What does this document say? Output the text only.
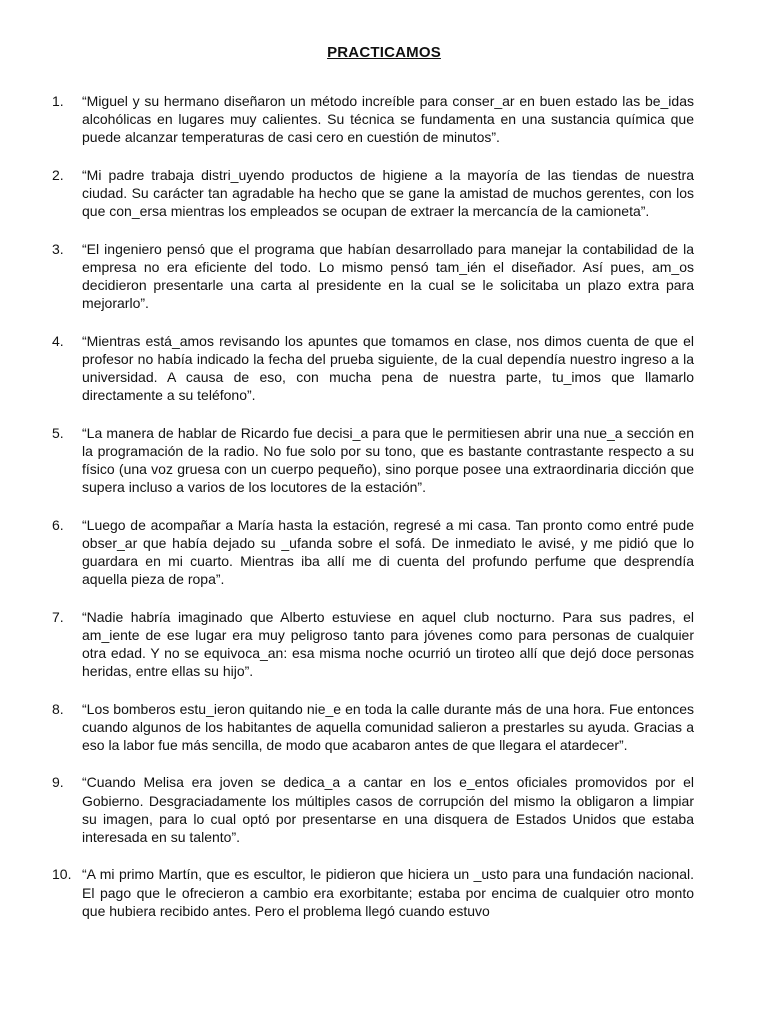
PRACTICAMOS
1.	“Miguel y su hermano diseñaron un método increíble para conser_ar en buen estado las be_idas alcohólicas en lugares muy calientes. Su técnica se fundamenta en una sustancia química que puede alcanzar temperaturas de casi cero en cuestión de minutos”.
2.	“Mi padre trabaja distri_uyendo productos de higiene a la mayoría de las tiendas de nuestra ciudad. Su carácter tan agradable ha hecho que se gane la amistad de muchos gerentes, con los que con_ersa mientras los empleados se ocupan de extraer la mercancía de la camioneta”.
3.	“El ingeniero pensó que el programa que habían desarrollado para manejar la contabilidad de la empresa no era eficiente del todo. Lo mismo pensó tam_ién el diseñador. Así pues, am_os decidieron presentarle una carta al presidente en la cual se le solicitaba un plazo extra para mejorarlo”.
4.	“Mientras está_amos revisando los apuntes que tomamos en clase, nos dimos cuenta de que el profesor no había indicado la fecha del prueba siguiente, de la cual dependía nuestro ingreso a la universidad. A causa de eso, con mucha pena de nuestra parte, tu_imos que llamarlo directamente a su teléfono”.
5.	“La manera de hablar de Ricardo fue decisi_a para que le permitiesen abrir una nue_a sección en la programación de la radio. No fue solo por su tono, que es bastante contrastante respecto a su físico (una voz gruesa con un cuerpo pequeño), sino porque posee una extraordinaria dicción que supera incluso a varios de los locutores de la estación”.
6.	“Luego de acompañar a María hasta la estación, regresé a mi casa. Tan pronto como entré pude obser_ar que había dejado su _ufanda sobre el sofá. De inmediato le avisé, y me pidió que lo guardara en mi cuarto. Mientras iba allí me di cuenta del profundo perfume que desprendía aquella pieza de ropa”.
7.	“Nadie habría imaginado que Alberto estuviese en aquel club nocturno. Para sus padres, el am_iente de ese lugar era muy peligroso tanto para jóvenes como para personas de cualquier otra edad. Y no se equivoca_an: esa misma noche ocurrió un tiroteo allí que dejó doce personas heridas, entre ellas su hijo”.
8.	“Los bomberos estu_ieron quitando nie_e en toda la calle durante más de una hora. Fue entonces cuando algunos de los habitantes de aquella comunidad salieron a prestarles su ayuda. Gracias a eso la labor fue más sencilla, de modo que acabaron antes de que llegara el atardecer”.
9.	“Cuando Melisa era joven se dedica_a a cantar en los e_entos oficiales promovidos por el Gobierno. Desgraciadamente los múltiples casos de corrupción del mismo la obligaron a limpiar su imagen, para lo cual optó por presentarse en una disquera de Estados Unidos que estaba interesada en su talento”.
10. “A mi primo Martín, que es escultor, le pidieron que hiciera un _usto para una fundación nacional. El pago que le ofrecieron a cambio era exorbitante; estaba por encima de cualquier otro monto que hubiera recibido antes. Pero el problema llegó cuando estuvo
